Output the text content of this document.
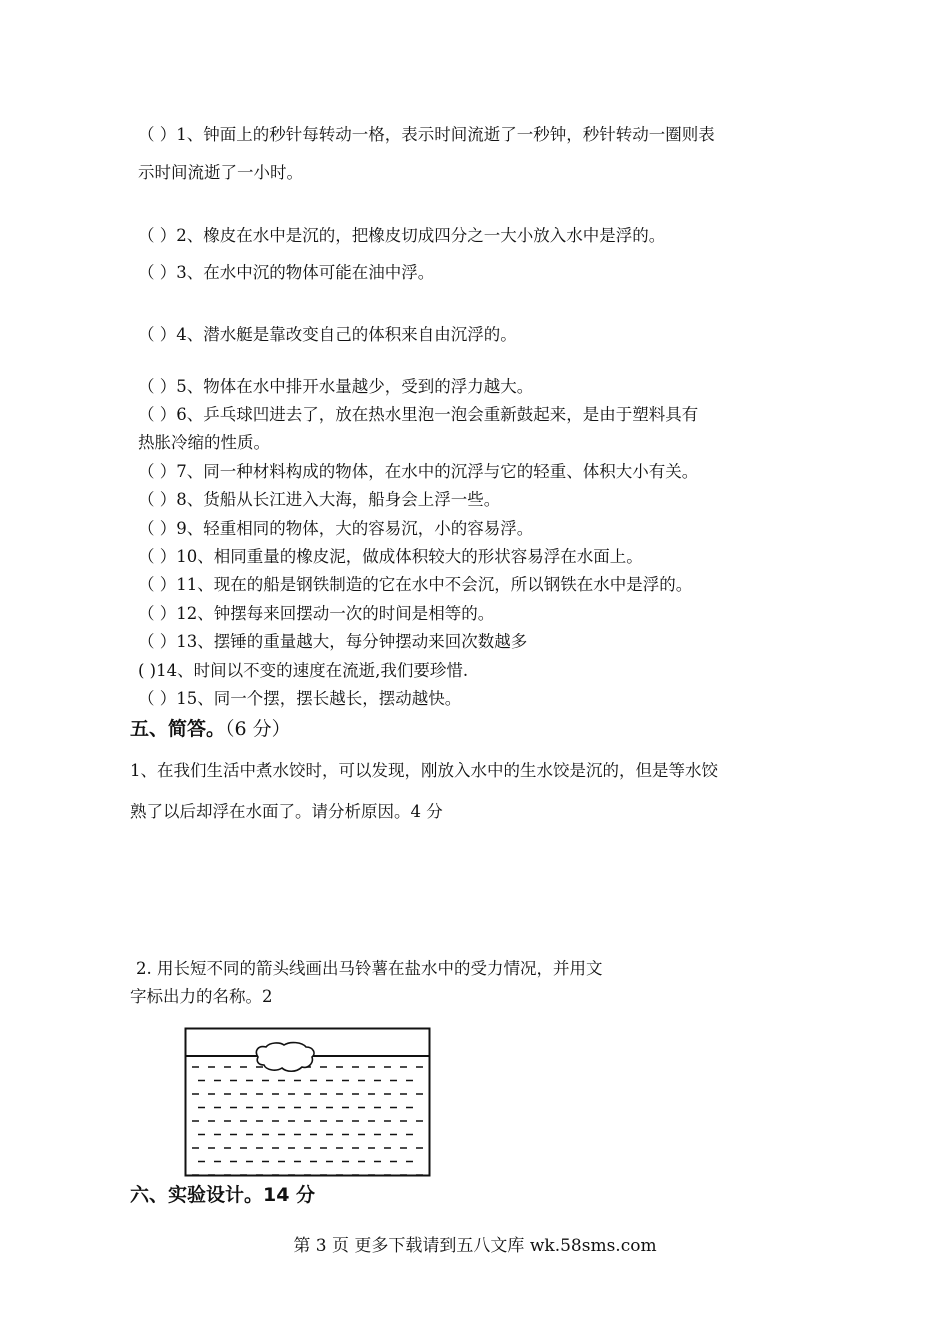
（ ）1、钟面上的秒针每转动一格，表示时间流逝了一秒钟，秒针转动一圈则表
示时间流逝了一小时。
（ ）2、橡皮在水中是沉的，把橡皮切成四分之一大小放入水中是浮的。
（ ）3、在水中沉的物体可能在油中浮。
（ ）4、潜水艇是靠改变自己的体积来自由沉浮的。
（ ）5、物体在水中排开水量越少，受到的浮力越大。
（ ）6、乒乓球凹进去了，放在热水里泡一泡会重新鼓起来，是由于塑料具有
热胀冷缩的性质。
（ ）7、同一种材料构成的物体，在水中的沉浮与它的轻重、体积大小有关。
（ ）8、货船从长江进入大海，船身会上浮一些。
（ ）9、轻重相同的物体，大的容易沉，小的容易浮。
（ ）10、相同重量的橡皮泥，做成体积较大的形状容易浮在水面上。
（ ）11、现在的船是钢铁制造的它在水中不会沉，所以钢铁在水中是浮的。
（ ）12、钟摆每来回摆动一次的时间是相等的。
（ ）13、摆锤的重量越大，每分钟摆动来回次数越多
( )14、时间以不变的速度在流逝,我们要珍惜.
（ ）15、同一个摆，摆长越长，摆动越快。
五、简答。（6 分）
1、在我们生活中煮水饺时，可以发现，刚放入水中的生水饺是沉的，但是等水饺
熟了以后却浮在水面了。请分析原因。4 分
2. 用长短不同的箭头线画出马铃薯在盐水中的受力情况，并用文
字标出力的名称。2
六、实验设计。14 分
第 3 页 更多下载请到五八文库 wk.58sms.com
